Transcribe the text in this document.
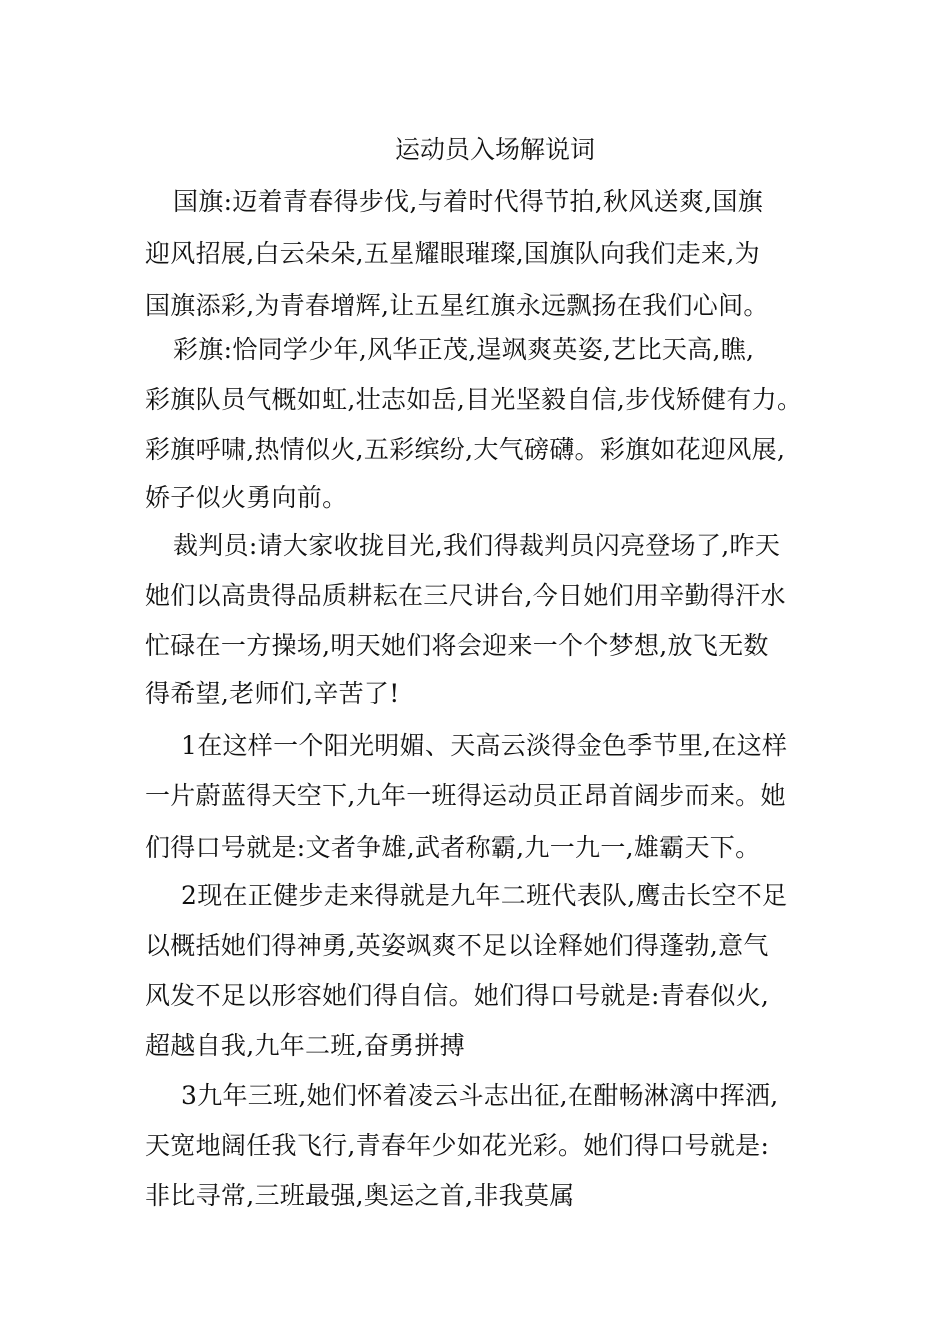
运动员入场解说词
国旗:迈着青春得步伐,与着时代得节拍,秋风送爽,国旗
迎风招展,白云朵朵,五星耀眼璀璨,国旗队向我们走来,为
国旗添彩,为青春增辉,让五星红旗永远飘扬在我们心间。
彩旗:恰同学少年,风华正茂,逞飒爽英姿,艺比天高,瞧,
彩旗队员气概如虹,壮志如岳,目光坚毅自信,步伐矫健有力。
彩旗呼啸,热情似火,五彩缤纷,大气磅礴。彩旗如花迎风展,
娇子似火勇向前。
裁判员:请大家收拢目光,我们得裁判员闪亮登场了,昨天
她们以高贵得品质耕耘在三尺讲台,今日她们用辛勤得汗水
忙碌在一方操场,明天她们将会迎来一个个梦想,放飞无数
得希望,老师们,辛苦了!
1在这样一个阳光明媚、天高云淡得金色季节里,在这样
一片蔚蓝得天空下,九年一班得运动员正昂首阔步而来。她
们得口号就是:文者争雄,武者称霸,九一九一,雄霸天下。
2现在正健步走来得就是九年二班代表队,鹰击长空不足
以概括她们得神勇,英姿飒爽不足以诠释她们得蓬勃,意气
风发不足以形容她们得自信。她们得口号就是:青春似火,
超越自我,九年二班,奋勇拼搏
3九年三班,她们怀着凌云斗志出征,在酣畅淋漓中挥洒,
天宽地阔任我飞行,青春年少如花光彩。她们得口号就是:
非比寻常,三班最强,奥运之首,非我莫属
